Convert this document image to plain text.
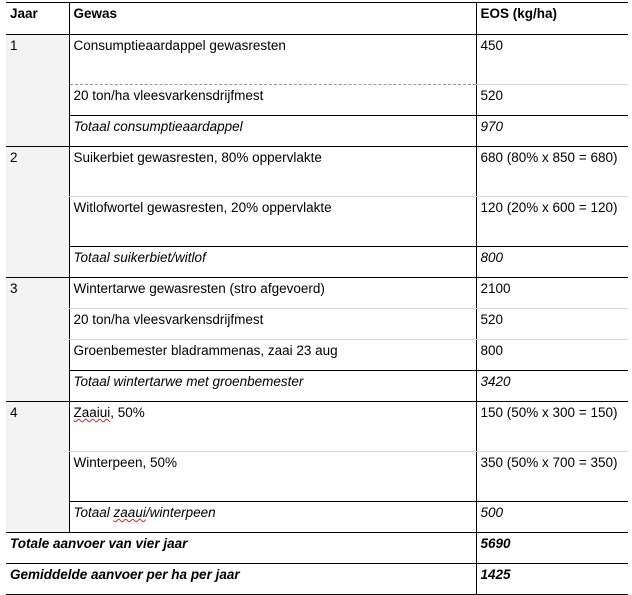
Jaar	Gewas	EOS (kg/ha)
1	Consumptieaardappel gewasresten	450
	20 ton/ha vleesvarkensdrijfmest	520
	Totaal consumptieaardappel	970
2	Suikerbiet gewasresten, 80% oppervlakte	680 (80% x 850 = 680)
	Witlofwortel gewasresten, 20% oppervlakte	120 (20% x 600 = 120)
	Totaal suikerbiet/witlof	800
3	Wintertarwe gewasresten (stro afgevoerd)	2100
	20 ton/ha vleesvarkensdrijfmest	520
	Groenbemester bladrammenas, zaai 23 aug	800
	Totaal wintertarwe met groenbemester	3420
4	Zaaiui, 50%	150 (50% x 300 = 150)
	Winterpeen, 50%	350 (50% x 700 = 350)
	Totaal zaaui/winterpeen	500
Totale aanvoer van vier jaar		5690
Gemiddelde aanvoer per ha per jaar		1425
